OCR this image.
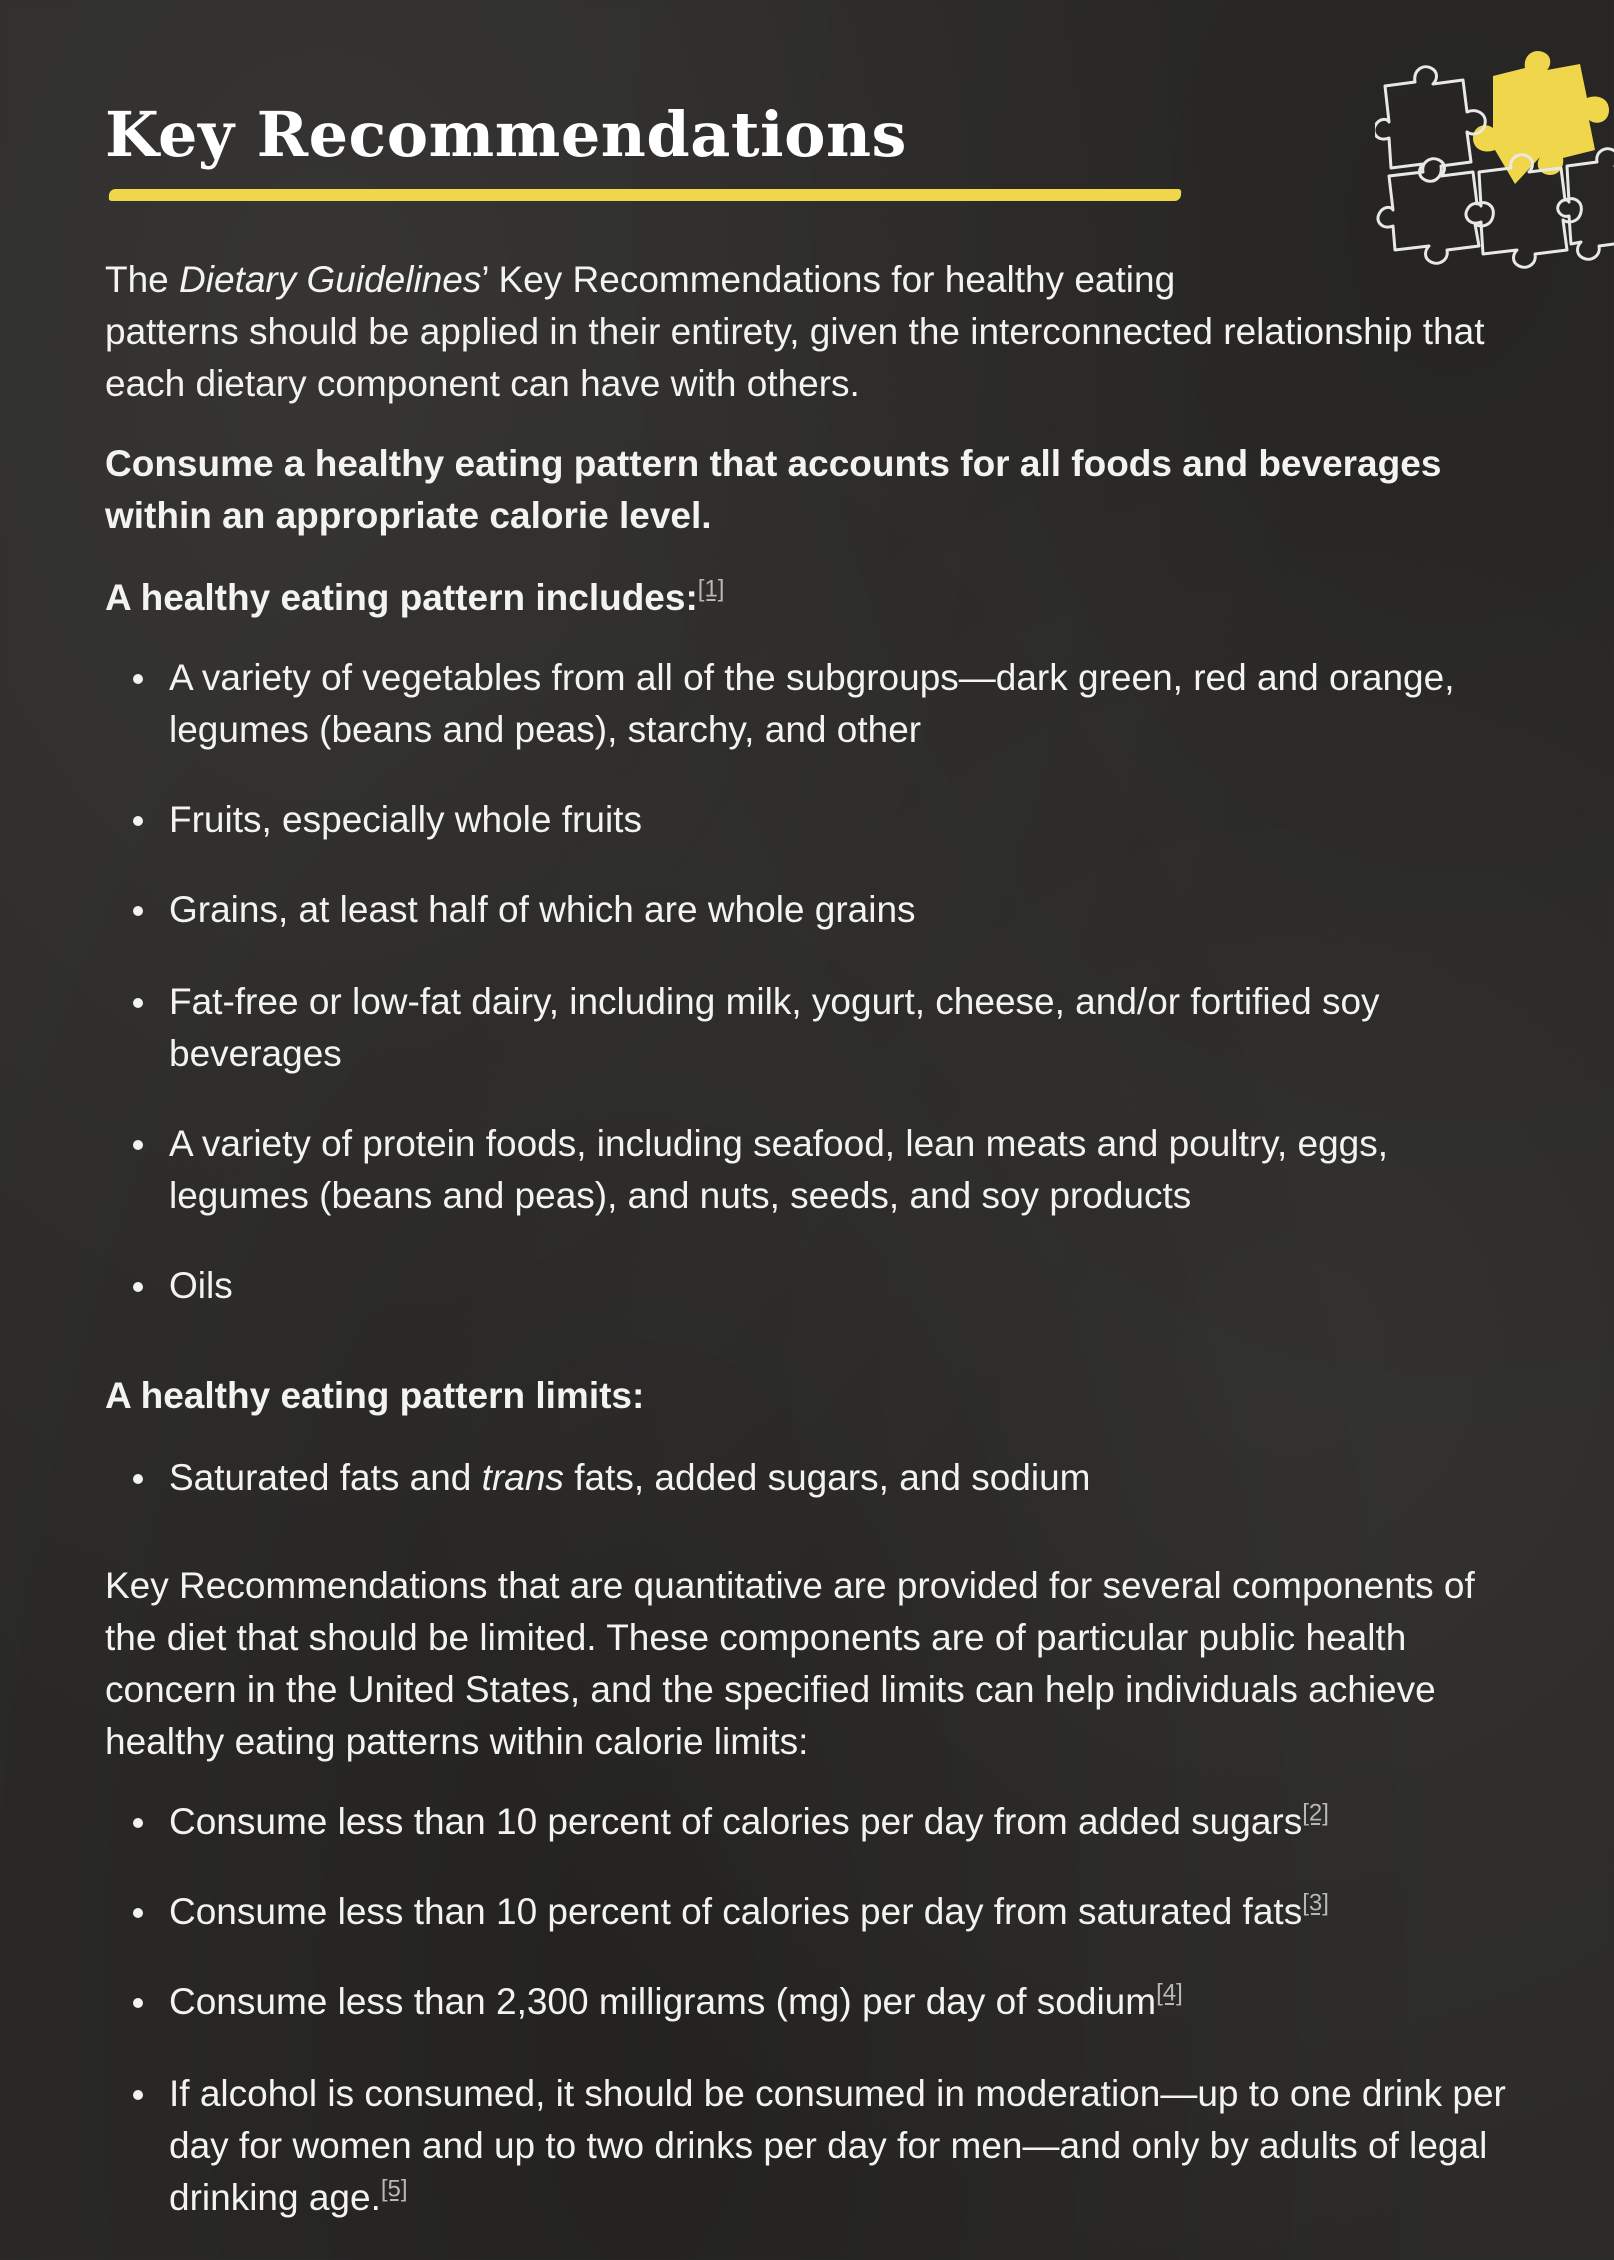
Key Recommendations

The Dietary Guidelines’ Key Recommendations for healthy eating
patterns should be applied in their entirety, given the interconnected relationship that each dietary component can have with others.

Consume a healthy eating pattern that accounts for all foods and beverages within an appropriate calorie level.

A healthy eating pattern includes:[1]

A variety of vegetables from all of the subgroups—dark green, red and orange, legumes (beans and peas), starchy, and other
Fruits, especially whole fruits
Grains, at least half of which are whole grains
Fat-free or low-fat dairy, including milk, yogurt, cheese, and/or fortified soy beverages
A variety of protein foods, including seafood, lean meats and poultry, eggs, legumes (beans and peas), and nuts, seeds, and soy products
Oils

A healthy eating pattern limits:

Saturated fats and trans fats, added sugars, and sodium

Key Recommendations that are quantitative are provided for several components of the diet that should be limited. These components are of particular public health concern in the United States, and the specified limits can help individuals achieve healthy eating patterns within calorie limits:

Consume less than 10 percent of calories per day from added sugars[2]
Consume less than 10 percent of calories per day from saturated fats[3]
Consume less than 2,300 milligrams (mg) per day of sodium[4]
If alcohol is consumed, it should be consumed in moderation—up to one drink per day for women and up to two drinks per day for men—and only by adults of legal drinking age.[5]
